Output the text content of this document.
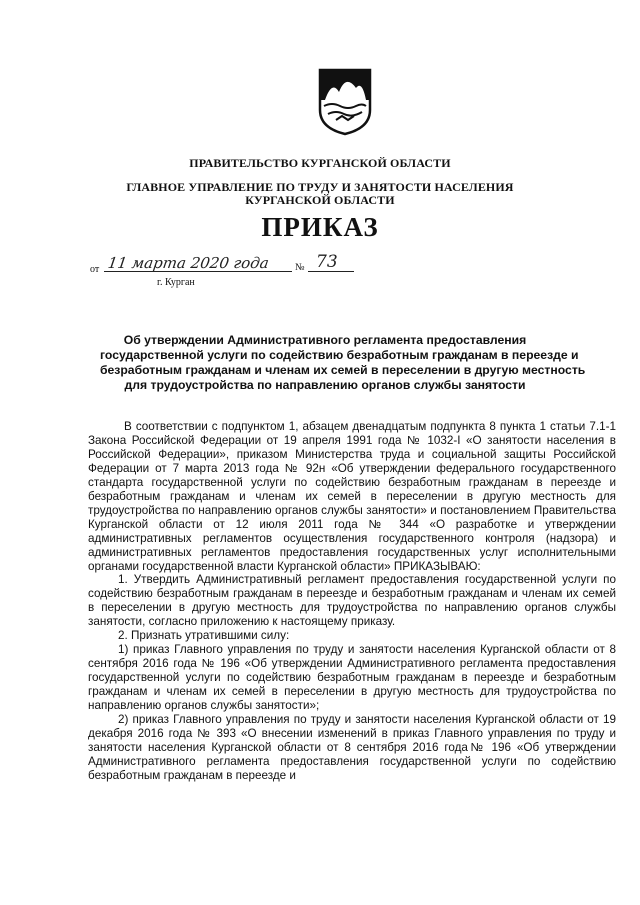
ПРАВИТЕЛЬСТВО КУРГАНСКОЙ ОБЛАСТИ
ГЛАВНОЕ УПРАВЛЕНИЕ ПО ТРУДУ И ЗАНЯТОСТИ НАСЕЛЕНИЯ
КУРГАНСКОЙ ОБЛАСТИ
ПРИКАЗ
от 11 марта 2020 года № 73
г. Курган
Об утверждении Административного регламента предоставления
государственной услуги по содействию безработным гражданам в переезде и
безработным гражданам и членам их семей в переселении в другую местность
для трудоустройства по направлению органов службы занятости

В соответствии с подпунктом 1, абзацем двенадцатым подпункта 8 пункта 1 статьи 7.1-1 Закона Российской Федерации от 19 апреля 1991 года № 1032-I «О занятости населения в Российской Федерации», приказом Министерства труда и социальной защиты Российской Федерации от 7 марта 2013 года № 92н «Об утверждении федерального государственного стандарта государственной услуги по содействию безработным гражданам в переезде и безработным гражданам и членам их семей в переселении в другую местность для трудоустройства по направлению органов службы занятости» и постановлением Правительства Курганской области от 12 июля 2011 года № 344 «О разработке и утверждении административных регламентов осуществления государственного контроля (надзора) и административных регламентов предоставления государственных услуг исполнительными органами государственной власти Курганской области» ПРИКАЗЫВАЮ:

1. Утвердить Административный регламент предоставления государственной услуги по содействию безработным гражданам в переезде и безработным гражданам и членам их семей в переселении в другую местность для трудоустройства по направлению органов службы занятости, согласно приложению к настоящему приказу.

2. Признать утратившими силу:

1) приказ Главного управления по труду и занятости населения Курганской области от 8 сентября 2016 года № 196 «Об утверждении Административного регламента предоставления государственной услуги по содействию безработным гражданам в переезде и безработным гражданам и членам их семей в переселении в другую местность для трудоустройства по направлению органов службы занятости»;

2) приказ Главного управления по труду и занятости населения Курганской области от 19 декабря 2016 года № 393 «О внесении изменений в приказ Главного управления по труду и занятости населения Курганской области от 8 сентября 2016 года№ 196 «Об утверждении Административного регламента предоставления государственной услуги по содействию безработным гражданам в переезде и
